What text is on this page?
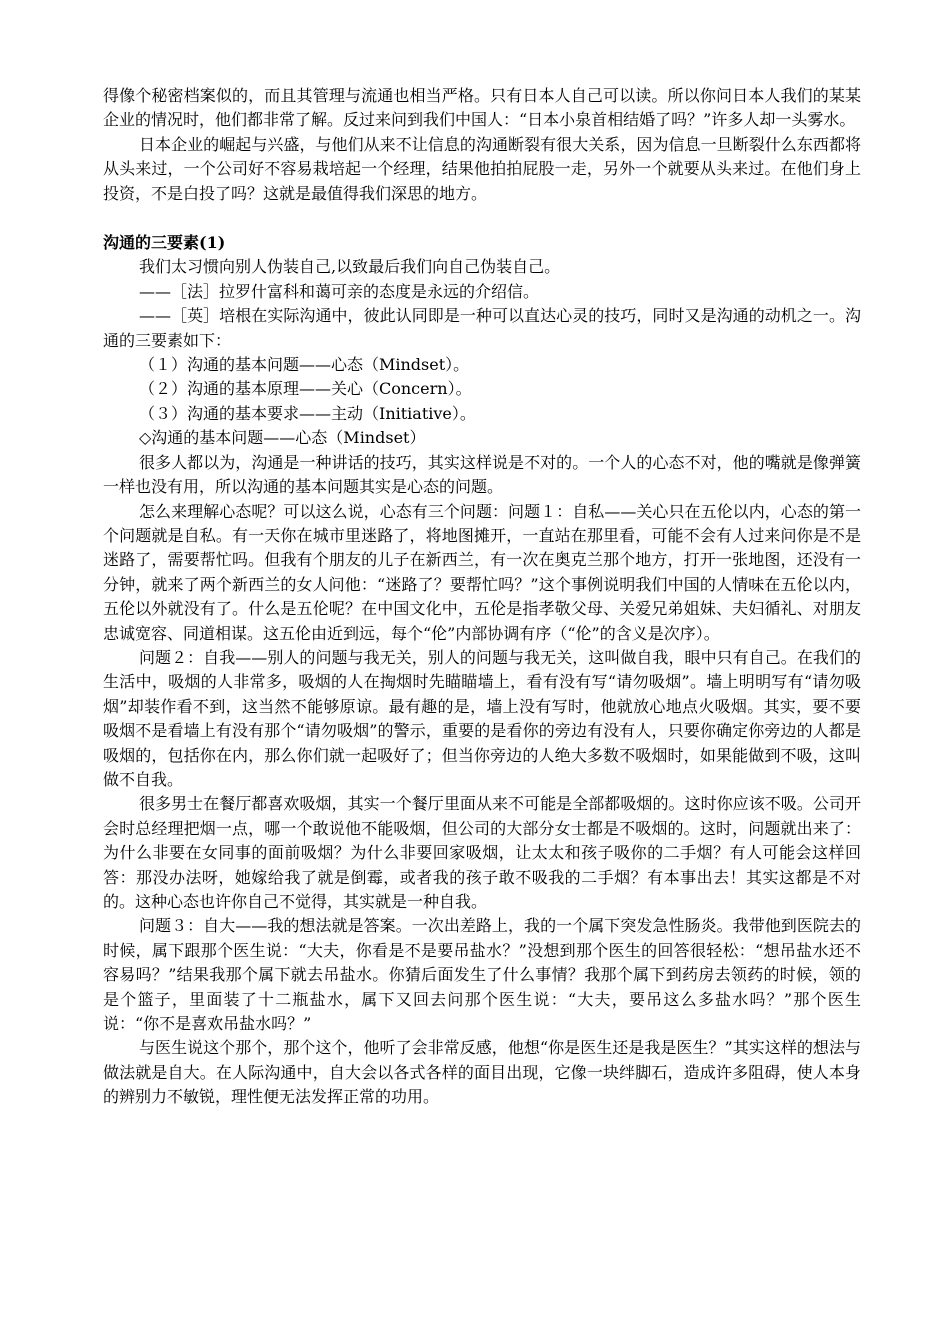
得像个秘密档案似的，而且其管理与流通也相当严格。只有日本人自己可以读。所以你问日本人我们的某某企业的情况时，他们都非常了解。反过来问到我们中国人：“日本小泉首相结婚了吗？”许多人却一头雾水。

日本企业的崛起与兴盛，与他们从来不让信息的沟通断裂有很大关系，因为信息一旦断裂什么东西都将从头来过，一个公司好不容易栽培起一个经理，结果他拍拍屁股一走，另外一个就要从头来过。在他们身上投资，不是白投了吗？这就是最值得我们深思的地方。

沟通的三要素(1)

我们太习惯向别人伪装自己,以致最后我们向自己伪装自己。

——［法］拉罗什富科和蔼可亲的态度是永远的介绍信。

——［英］培根在实际沟通中，彼此认同即是一种可以直达心灵的技巧，同时又是沟通的动机之一。沟通的三要素如下：

（１）沟通的基本问题——心态（Mindset）。

（２）沟通的基本原理——关心（Concern）。

（３）沟通的基本要求——主动（Initiative）。

◇沟通的基本问题——心态（Mindset）

很多人都以为，沟通是一种讲话的技巧，其实这样说是不对的。一个人的心态不对，他的嘴就是像弹簧一样也没有用，所以沟通的基本问题其实是心态的问题。

怎么来理解心态呢？可以这么说，心态有三个问题：问题１：自私——关心只在五伦以内，心态的第一个问题就是自私。有一天你在城市里迷路了，将地图摊开，一直站在那里看，可能不会有人过来问你是不是迷路了，需要帮忙吗。但我有个朋友的儿子在新西兰，有一次在奥克兰那个地方，打开一张地图，还没有一分钟，就来了两个新西兰的女人问他：“迷路了？要帮忙吗？”这个事例说明我们中国的人情味在五伦以内，五伦以外就没有了。什么是五伦呢？在中国文化中，五伦是指孝敬父母、关爱兄弟姐妹、夫妇循礼、对朋友忠诚宽容、同道相谋。这五伦由近到远，每个“伦”内部协调有序（“伦”的含义是次序）。

问题２：自我——别人的问题与我无关，别人的问题与我无关，这叫做自我，眼中只有自己。在我们的生活中，吸烟的人非常多，吸烟的人在掏烟时先瞄瞄墙上，看有没有写“请勿吸烟”。墙上明明写有“请勿吸烟”却装作看不到，这当然不能够原谅。最有趣的是，墙上没有写时，他就放心地点火吸烟。其实，要不要吸烟不是看墙上有没有那个“请勿吸烟”的警示，重要的是看你的旁边有没有人，只要你确定你旁边的人都是吸烟的，包括你在内，那么你们就一起吸好了；但当你旁边的人绝大多数不吸烟时，如果能做到不吸，这叫做不自我。

很多男士在餐厅都喜欢吸烟，其实一个餐厅里面从来不可能是全部都吸烟的。这时你应该不吸。公司开会时总经理把烟一点，哪一个敢说他不能吸烟，但公司的大部分女士都是不吸烟的。这时，问题就出来了：为什么非要在女同事的面前吸烟？为什么非要回家吸烟，让太太和孩子吸你的二手烟？有人可能会这样回答：那没办法呀，她嫁给我了就是倒霉，或者我的孩子敢不吸我的二手烟？有本事出去！其实这都是不对的。这种心态也许你自己不觉得，其实就是一种自我。

问题３：自大——我的想法就是答案。一次出差路上，我的一个属下突发急性肠炎。我带他到医院去的时候，属下跟那个医生说：“大夫，你看是不是要吊盐水？”没想到那个医生的回答很轻松：“想吊盐水还不容易吗？”结果我那个属下就去吊盐水。你猜后面发生了什么事情？我那个属下到药房去领药的时候，领的是个篮子，里面装了十二瓶盐水，属下又回去问那个医生说：“大夫，要吊这么多盐水吗？”那个医生说：“你不是喜欢吊盐水吗？”

与医生说这个那个，那个这个，他听了会非常反感，他想“你是医生还是我是医生？”其实这样的想法与做法就是自大。在人际沟通中，自大会以各式各样的面目出现，它像一块绊脚石，造成许多阻碍，使人本身的辨别力不敏锐，理性便无法发挥正常的功用。
